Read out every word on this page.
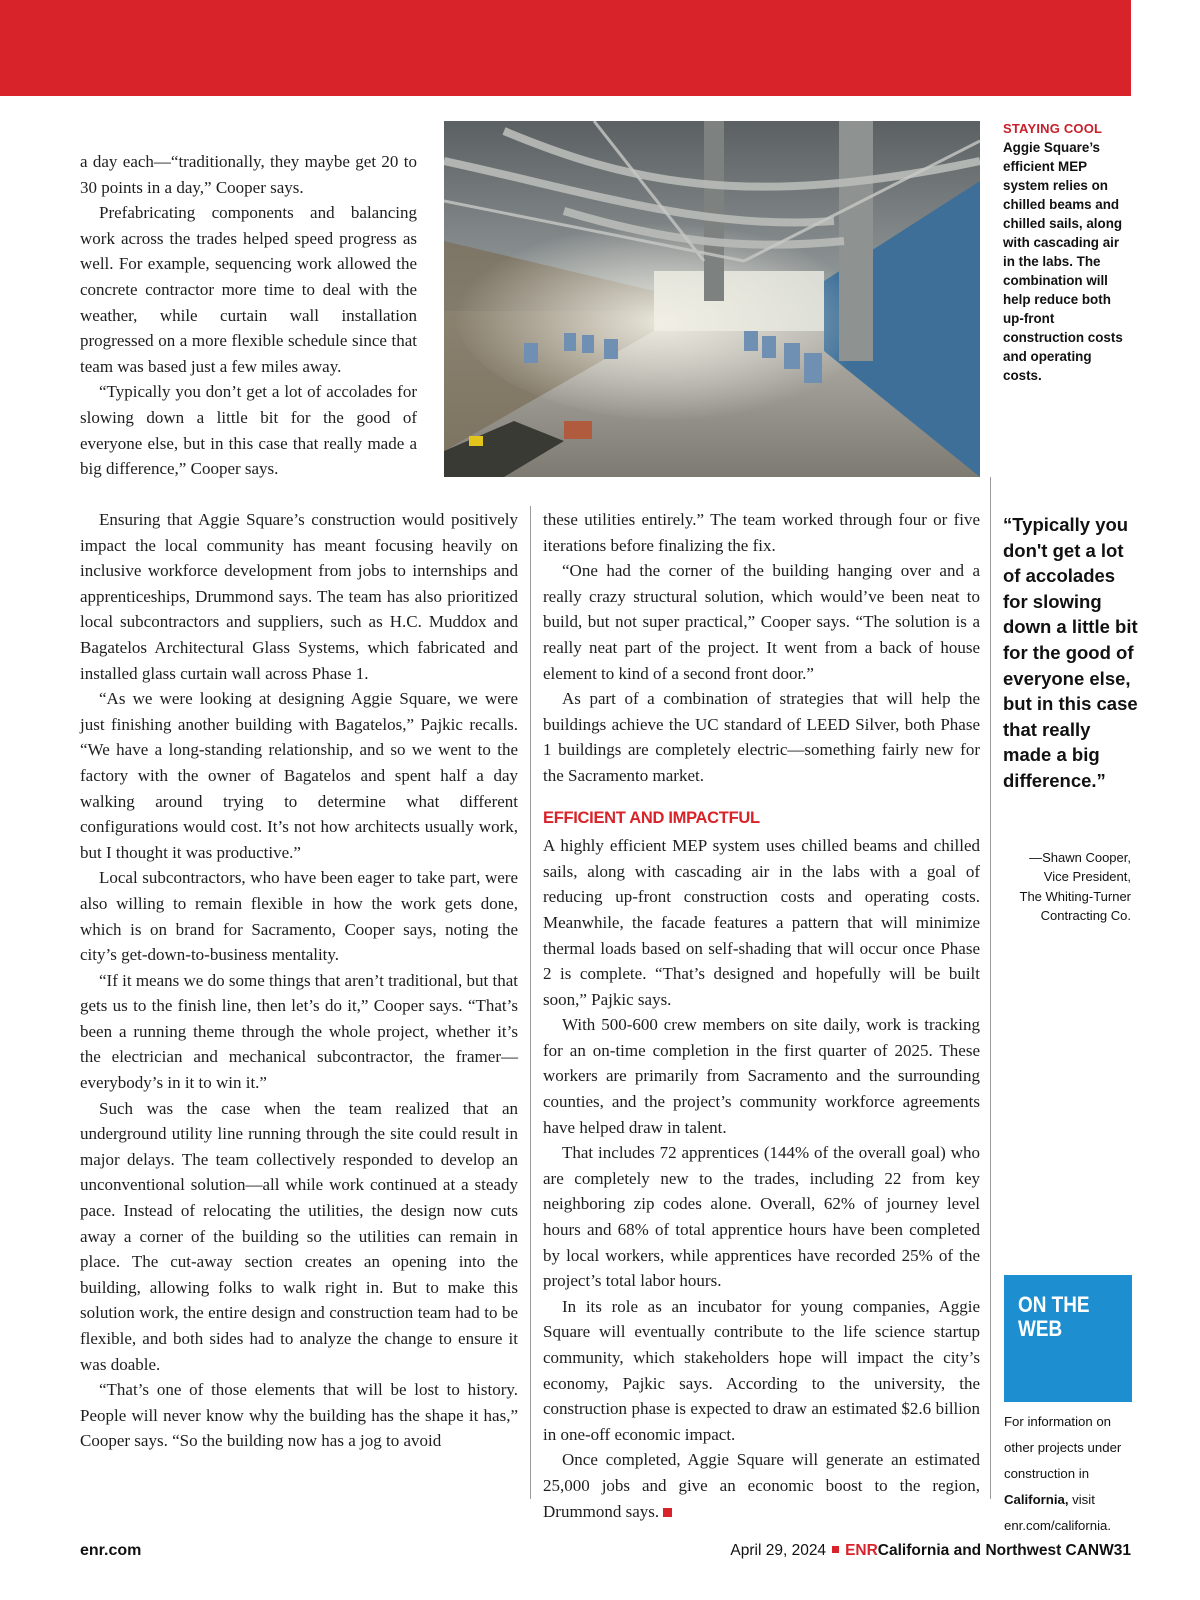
a day each—“traditionally, they maybe get 20 to 30 points in a day,” Cooper says.

Prefabricating components and balancing work across the trades helped speed progress as well. For example, sequencing work allowed the concrete contractor more time to deal with the weather, while curtain wall installation progressed on a more flexible schedule since that team was based just a few miles away.

“Typically you don’t get a lot of accolades for slowing down a little bit for the good of everyone else, but in this case that really made a big difference,” Cooper says.

STAYING COOL
Aggie Square’s efficient MEP system relies on chilled beams and chilled sails, along with cascading air in the labs. The combination will help reduce both up-front construction costs and operating costs.

Ensuring that Aggie Square’s construction would positively impact the local community has meant focusing heavily on inclusive workforce development from jobs to internships and apprenticeships, Drummond says. The team has also prioritized local subcontractors and suppliers, such as H.C. Muddox and Bagatelos Architectural Glass Systems, which fabricated and installed glass curtain wall across Phase 1.

“As we were looking at designing Aggie Square, we were just finishing another building with Bagatelos,” Pajkic recalls. “We have a long-standing relationship, and so we went to the factory with the owner of Bagatelos and spent half a day walking around trying to determine what different configurations would cost. It’s not how architects usually work, but I thought it was productive.”

Local subcontractors, who have been eager to take part, were also willing to remain flexible in how the work gets done, which is on brand for Sacramento, Cooper says, noting the city’s get-down-to-business mentality.

“If it means we do some things that aren’t traditional, but that gets us to the finish line, then let’s do it,” Cooper says. “That’s been a running theme through the whole project, whether it’s the electrician and mechanical subcontractor, the framer—everybody’s in it to win it.”

Such was the case when the team realized that an underground utility line running through the site could result in major delays. The team collectively responded to develop an unconventional solution—all while work continued at a steady pace. Instead of relocating the utilities, the design now cuts away a corner of the building so the utilities can remain in place. The cut-away section creates an opening into the building, allowing folks to walk right in. But to make this solution work, the entire design and construction team had to be flexible, and both sides had to analyze the change to ensure it was doable.

“That’s one of those elements that will be lost to history. People will never know why the building has the shape it has,” Cooper says. “So the building now has a jog to avoid

these utilities entirely.” The team worked through four or five iterations before finalizing the fix.

“One had the corner of the building hanging over and a really crazy structural solution, which would’ve been neat to build, but not super practical,” Cooper says. “The solution is a really neat part of the project. It went from a back of house element to kind of a second front door.”

As part of a combination of strategies that will help the buildings achieve the UC standard of LEED Silver, both Phase 1 buildings are completely electric—something fairly new for the Sacramento market.

EFFICIENT AND IMPACTFUL

A highly efficient MEP system uses chilled beams and chilled sails, along with cascading air in the labs with a goal of reducing up-front construction costs and operating costs. Meanwhile, the facade features a pattern that will minimize thermal loads based on self-shading that will occur once Phase 2 is complete. “That’s designed and hopefully will be built soon,” Pajkic says.

With 500-600 crew members on site daily, work is tracking for an on-time completion in the first quarter of 2025. These workers are primarily from Sacramento and the surrounding counties, and the project’s community workforce agreements have helped draw in talent.

That includes 72 apprentices (144% of the overall goal) who are completely new to the trades, including 22 from key neighboring zip codes alone. Overall, 62% of journey level hours and 68% of total apprentice hours have been completed by local workers, while apprentices have recorded 25% of the project’s total labor hours.

In its role as an incubator for young companies, Aggie Square will eventually contribute to the life science startup community, which stakeholders hope will impact the city’s economy, Pajkic says. According to the university, the construction phase is expected to draw an estimated $2.6 billion in one-off economic impact.

Once completed, Aggie Square will generate an estimated 25,000 jobs and give an economic boost to the region, Drummond says.

“Typically you don't get a lot of accolades for slowing down a little bit for the good of everyone else, but in this case that really made a big difference.”
—Shawn Cooper,
Vice President,
The Whiting-Turner
Contracting Co.
ON THE
WEB
For information on other projects under construction in California, visit enr.com/california.
enr.com	April 29, 2024 ENRCalifornia and Northwest CANW31
